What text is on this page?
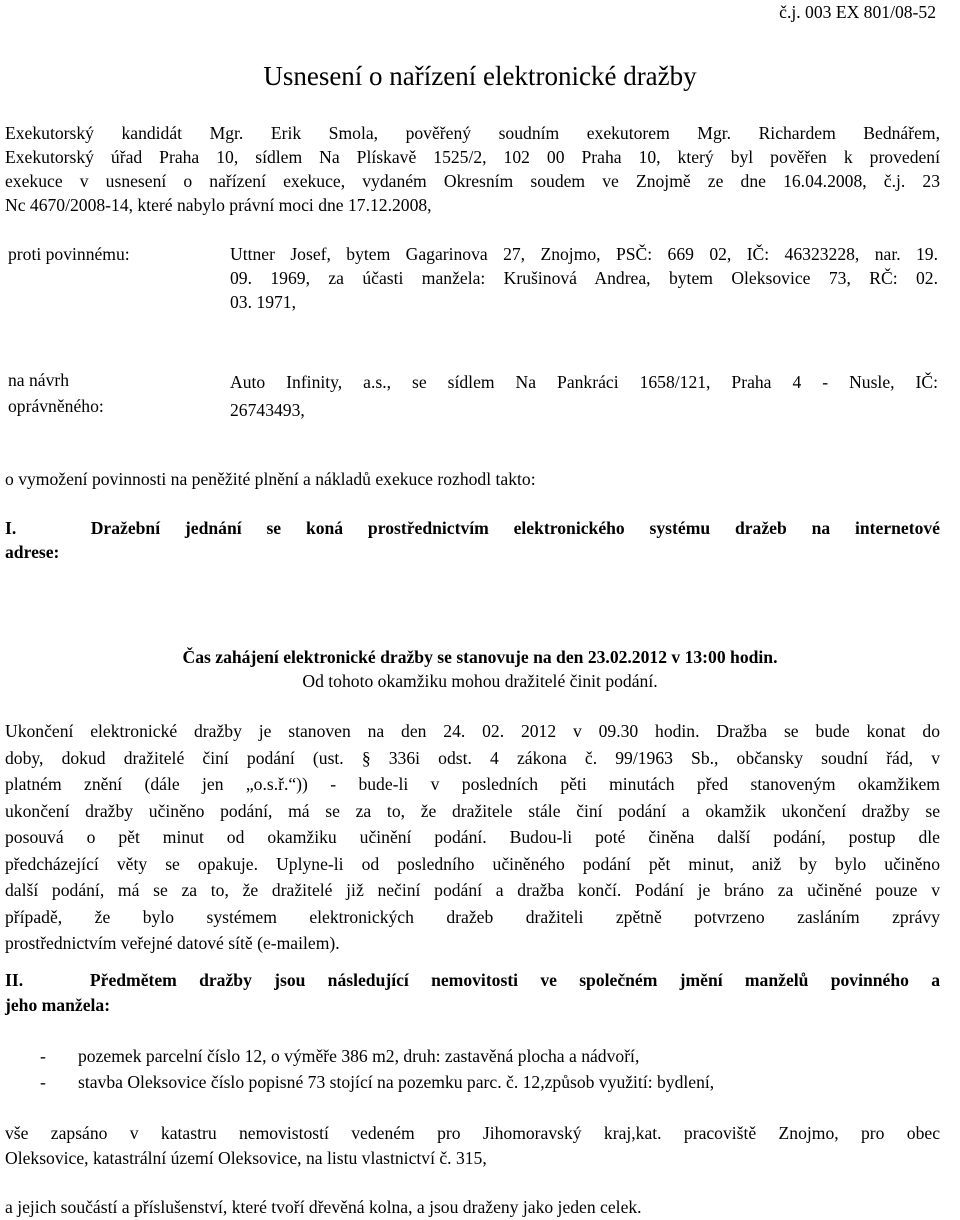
č.j. 003 EX 801/08-52
Usnesení o nařízení elektronické dražby
Exekutorský kandidát Mgr. Erik Smola, pověřený soudním exekutorem Mgr. Richardem Bednářem,
Exekutorský úřad Praha 10, sídlem Na Plískavě 1525/2, 102 00 Praha 10, který byl pověřen k provedení
exekuce v usnesení o nařízení exekuce, vydaném Okresním soudem ve Znojmě ze dne 16.04.2008, č.j. 23
Nc 4670/2008-14, které nabylo právní moci dne 17.12.2008,
proti povinnému:	Uttner Josef, bytem Gagarinova 27, Znojmo, PSČ: 669 02, IČ: 46323228, nar. 19.
09. 1969, za účasti manžela: Krušinová Andrea, bytem Oleksovice 73, RČ: 02.
03. 1971,
na návrh
oprávněného:
Auto Infinity, a.s., se sídlem Na Pankráci 1658/121, Praha 4 - Nusle, IČ:
26743493,
o vymožení povinnosti na peněžité plnění a nákladů exekuce rozhodl takto:
I.   Dražební jednání se koná prostřednictvím elektronického systému dražeb na internetové
adrese:
Čas zahájení elektronické dražby se stanovuje na den 23.02.2012 v 13:00 hodin.
Od tohoto okamžiku mohou dražitelé činit podání.
Ukončení elektronické dražby je stanoven na den 24. 02. 2012 v 09.30 hodin. Dražba se bude konat do
doby, dokud dražitelé činí podání (ust. § 336i odst. 4 zákona č. 99/1963 Sb., občansky soudní řád, v
platném znění (dále jen „o.s.ř.“)) - bude-li v posledních pěti minutách před stanoveným okamžikem
ukončení dražby učiněno podání, má se za to, že dražitele stále činí podání a okamžik ukončení dražby se
posouvá o pět minut od okamžiku učinění podání. Budou-li poté činěna další podání, postup dle
předcházející věty se opakuje. Uplyne-li od posledního učiněného podání pět minut, aniž by bylo učiněno
další podání, má se za to, že dražitelé již nečiní podání a dražba končí. Podání je bráno za učiněné pouze v
případě, že bylo systémem elektronických dražeb dražiteli zpětně potvrzeno zasláním zprávy
prostřednictvím veřejné datové sítě (e-mailem).
II.   Předmětem dražby jsou následující nemovitosti ve společném jmění manželů povinného a
jeho manžela:
- pozemek parcelní číslo 12, o výměře 386 m2, druh: zastavěná plocha a nádvoří,
- stavba Oleksovice číslo popisné 73 stojící na pozemku parc. č. 12,způsob využití: bydlení,
vše zapsáno v katastru nemovistostí vedeném pro Jihomoravský kraj,kat. pracoviště Znojmo, pro obec
Oleksovice, katastrální území Oleksovice, na listu vlastnictví č. 315,
a jejich součástí a příslušenství, které tvoří dřevěná kolna, a jsou draženy jako jeden celek.
